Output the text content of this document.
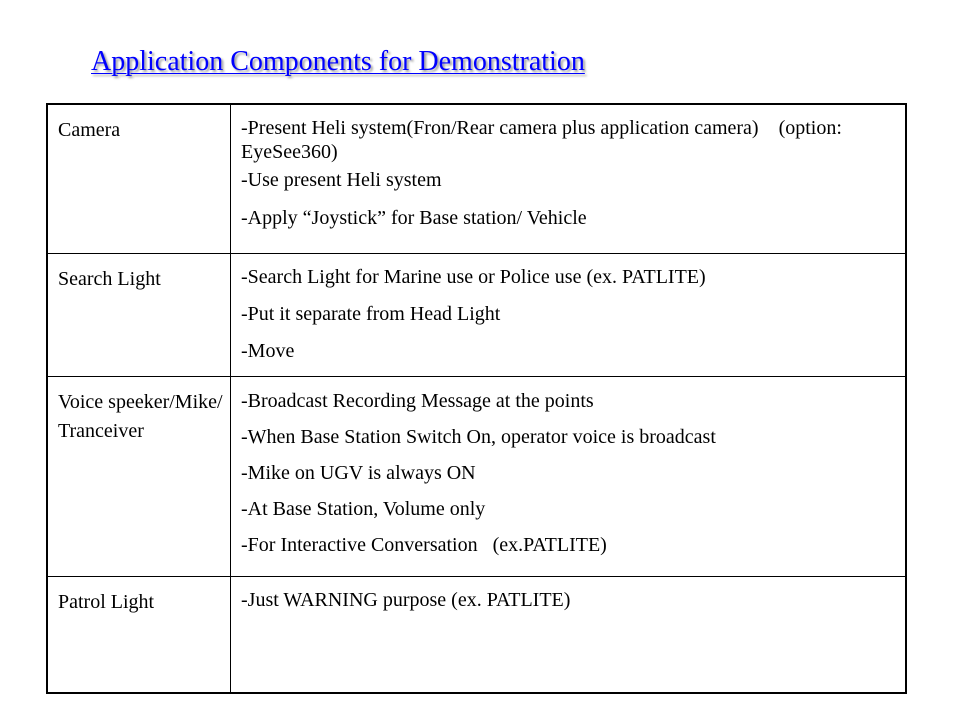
Application Components for Demonstration
Camera	-Present Heli system(Fron/Rear camera plus application camera)    (option: EyeSee360)
-Use present Heli system
-Apply “Joystick” for Base station/ Vehicle

Search Light	-Search Light for Marine use or Police use (ex. PATLITE)
-Put it separate from Head Light
-Move

Voice speeker/Mike/ Tranceiver	-Broadcast Recording Message at the points
-When Base Station Switch On, operator voice is broadcast
-Mike on UGV is always ON
-At Base Station, Volume only
-For Interactive Conversation   (ex.PATLITE)

Patrol Light	-Just WARNING purpose (ex. PATLITE)
